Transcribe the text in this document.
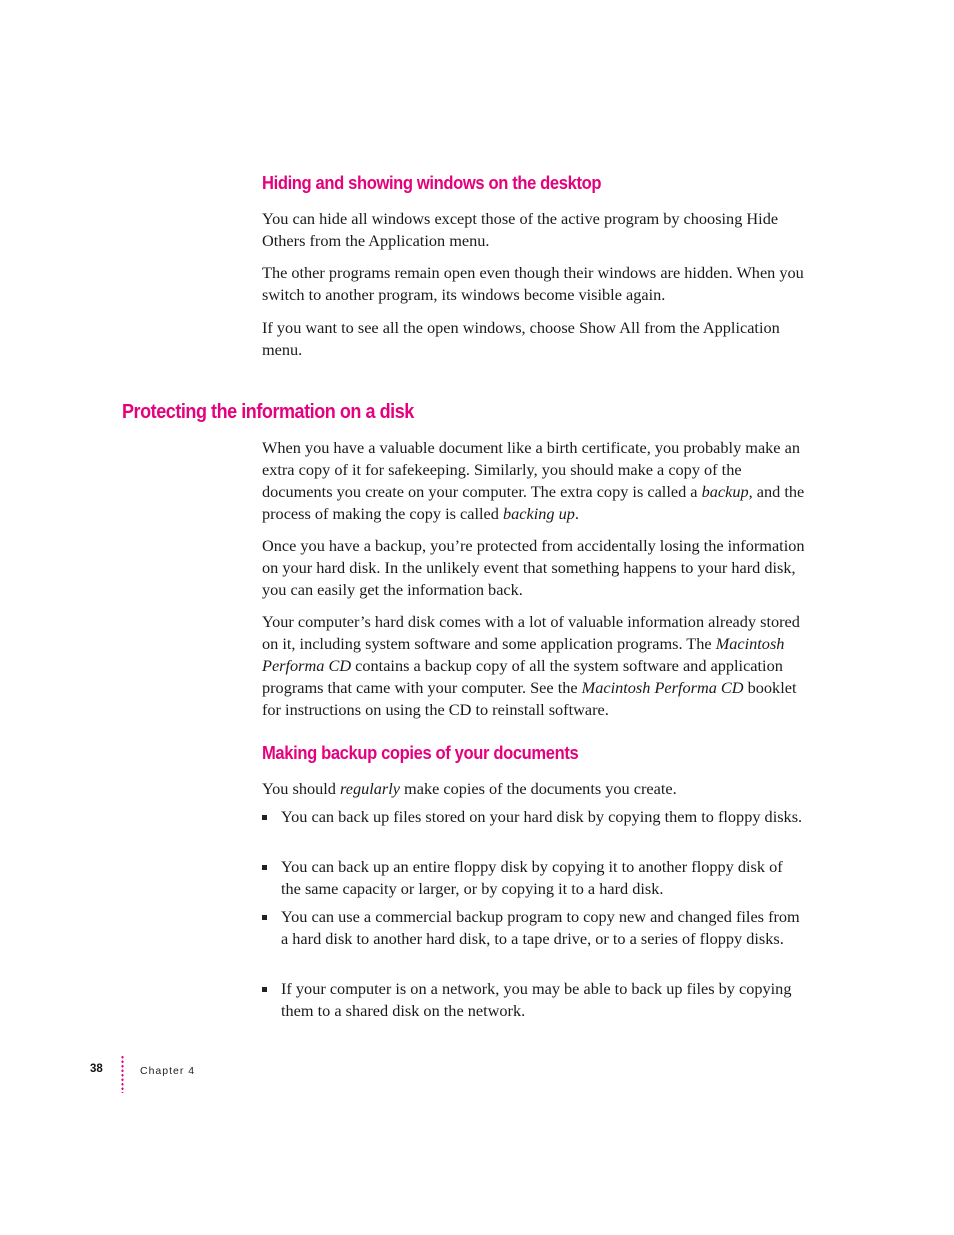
Hiding and showing windows on the desktop

You can hide all windows except those of the active program by choosing Hide Others from the Application menu.

The other programs remain open even though their windows are hidden. When you switch to another program, its windows become visible again.

If you want to see all the open windows, choose Show All from the Application menu.

Protecting the information on a disk

When you have a valuable document like a birth certificate, you probably make an extra copy of it for safekeeping. Similarly, you should make a copy of the documents you create on your computer. The extra copy is called a backup, and the process of making the copy is called backing up.

Once you have a backup, you’re protected from accidentally losing the information on your hard disk. In the unlikely event that something happens to your hard disk, you can easily get the information back.

Your computer’s hard disk comes with a lot of valuable information already stored on it, including system software and some application programs. The Macintosh Performa CD contains a backup copy of all the system software and application programs that came with your computer. See the Macintosh Performa CD booklet for instructions on using the CD to reinstall software.

Making backup copies of your documents

You should regularly make copies of the documents you create.

You can back up files stored on your hard disk by copying them to floppy disks.
You can back up an entire floppy disk by copying it to another floppy disk of the same capacity or larger, or by copying it to a hard disk.
You can use a commercial backup program to copy new and changed files from a hard disk to another hard disk, to a tape drive, or to a series of floppy disks.
If your computer is on a network, you may be able to back up files by copying them to a shared disk on the network.
38	Chapter 4
